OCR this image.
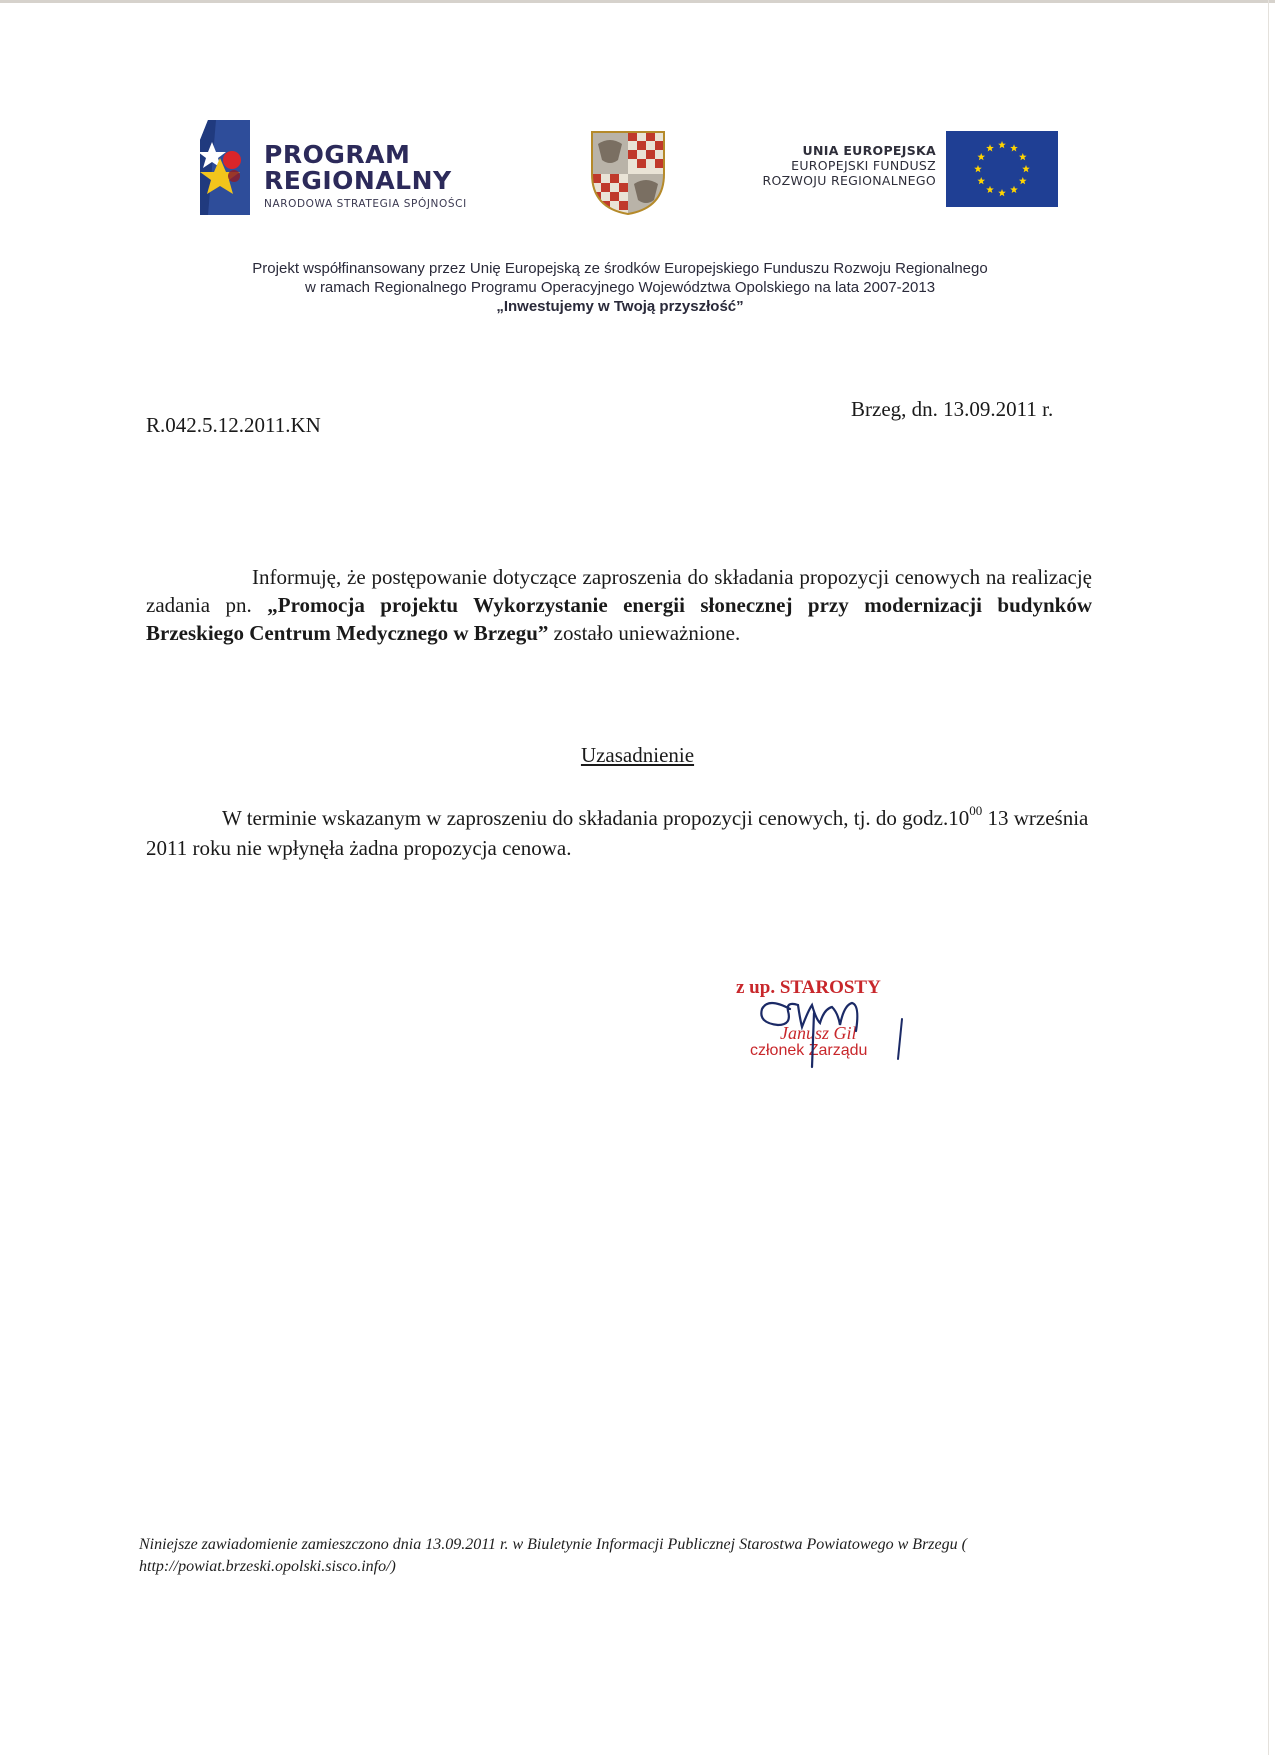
PROGRAM
REGIONALNY
NARODOWA STRATEGIA SPÓJNOŚCI
UNIA EUROPEJSKA
EUROPEJSKI FUNDUSZ
ROZWOJU REGIONALNEGO
Projekt współfinansowany przez Unię Europejską ze środków Europejskiego Funduszu Rozwoju Regionalnego
w ramach Regionalnego Programu Operacyjnego Województwa Opolskiego na lata 2007-2013
„Inwestujemy w Twoją przyszłość”
R.042.5.12.2011.KN
Brzeg, dn. 13.09.2011 r.
Informuję, że postępowanie dotyczące zaproszenia do składania propozycji cenowych na realizację zadania pn. „Promocja projektu Wykorzystanie energii słonecznej przy modernizacji budynków Brzeskiego Centrum Medycznego w Brzegu” zostało unieważnione.
Uzasadnienie
W terminie wskazanym w zaproszeniu do składania propozycji cenowych, tj. do $godz.10^{00}$ 13 września 2011 roku nie wpłynęła żadna propozycja cenowa.
z up. STAROSTY
Janusz Gil
członek Zarządu
Niniejsze zawiadomienie zamieszczono dnia 13.09.2011 r. w Biuletynie Informacji Publicznej Starostwa Powiatowego w Brzegu ( http://powiat.brzeski.opolski.sisco.info/)
